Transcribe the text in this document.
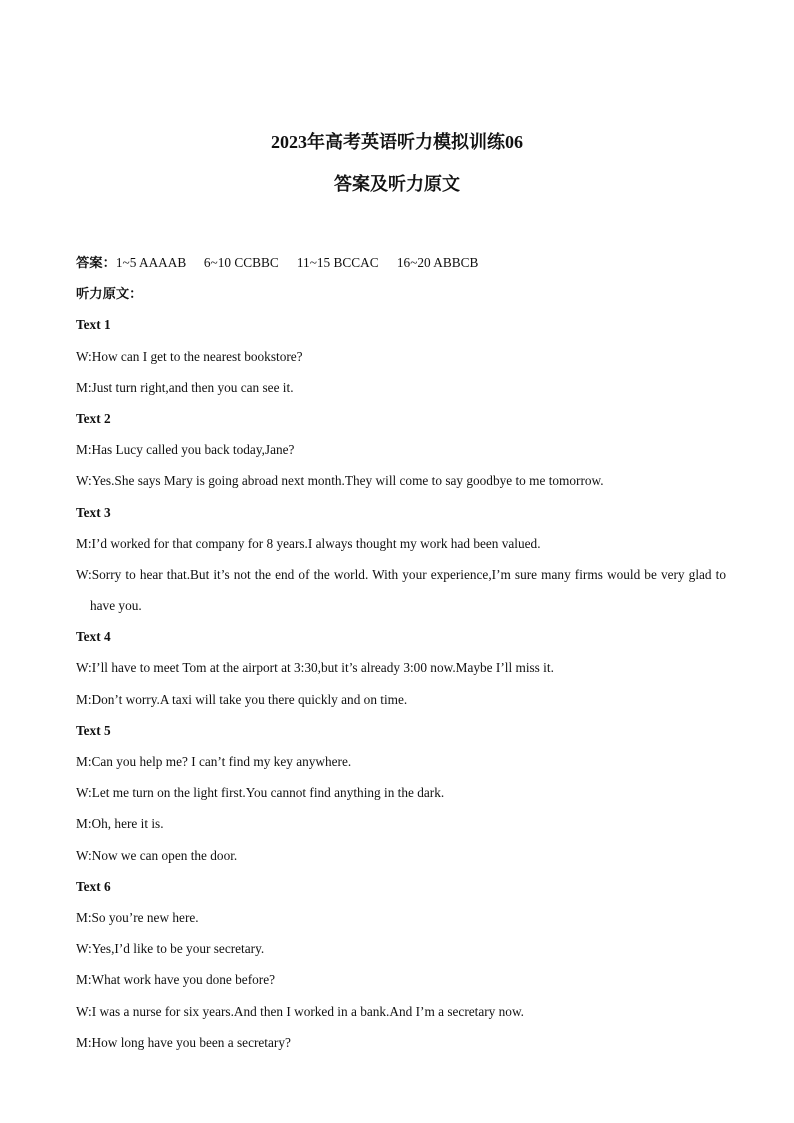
2023年高考英语听力模拟训练06
答案及听力原文
答案：1~5 AAAAB 6~10 CCBBC 11~15 BCCAC 16~20 ABBCB
听力原文：
Text 1
W:How can I get to the nearest bookstore?
M:Just turn right,and then you can see it.
Text 2
M:Has Lucy called you back today,Jane?
W:Yes.She says Mary is going abroad next month.They will come to say goodbye to me tomorrow.
Text 3
M:I’d worked for that company for 8 years.I always thought my work had been valued.
W:Sorry to hear that.But it’s not the end of the world. With your experience,I’m sure many firms would be very glad to have you.
Text 4
W:I’ll have to meet Tom at the airport at 3:30,but it’s already 3:00 now.Maybe I’ll miss it.
M:Don’t worry.A taxi will take you there quickly and on time.
Text 5
M:Can you help me? I can’t find my key anywhere.
W:Let me turn on the light first.You cannot find anything in the dark.
M:Oh, here it is.
W:Now we can open the door.
Text 6
M:So you’re new here.
W:Yes,I’d like to be your secretary.
M:What work have you done before?
W:I was a nurse for six years.And then I worked in a bank.And I’m a secretary now.
M:How long have you been a secretary?
